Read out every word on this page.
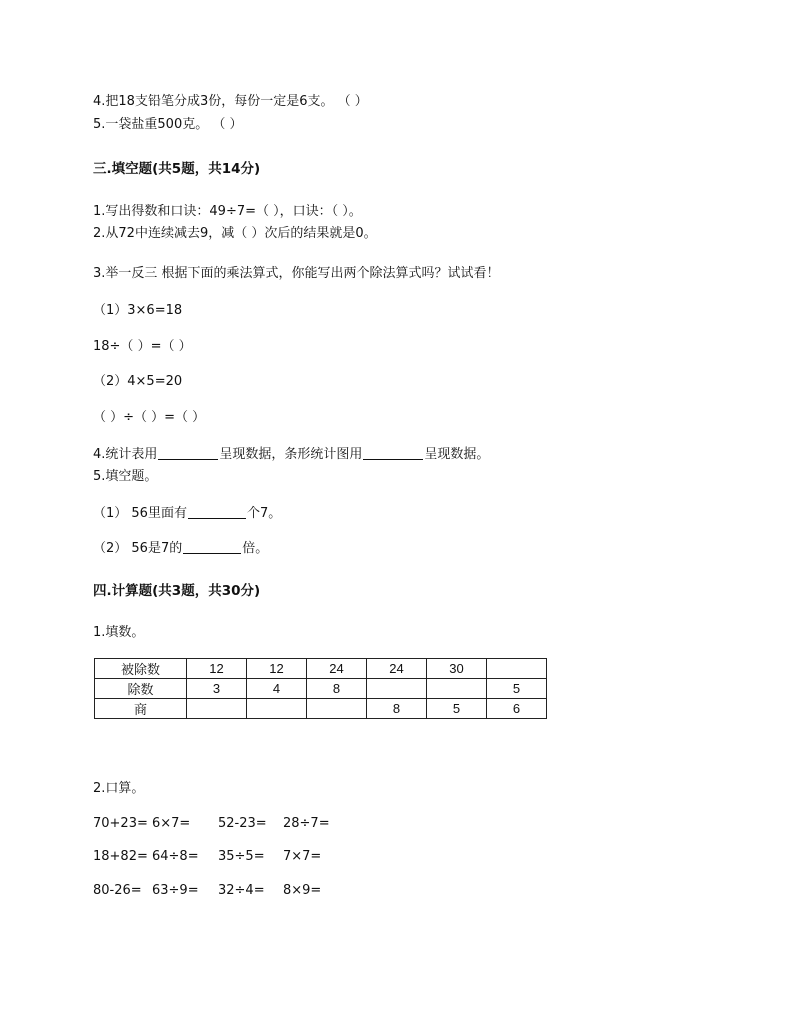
4.把18支铅笔分成3份，每份一定是6支。 （ ）
5.一袋盐重500克。 （ ）
三.填空题(共5题，共14分)
1.写出得数和口诀：49÷7=（ ），口诀：（ ）。
2.从72中连续减去9，减（ ）次后的结果就是0。
3.举一反三 根据下面的乘法算式，你能写出两个除法算式吗？试试看！
（1）3×6=18
18÷（ ）=（ ）
（2）4×5=20
（ ）÷（ ）=（ ）
4.统计表用	呈现数据，条形统计图用	呈现数据。
5.填空题。
（1） 56里面有	个7。
（2） 56是7的	倍。
四.计算题(共3题，共30分)
1.填数。
被除数	12	12	24	24	30	
除数	3	4	8			5
商				8	5	6
2.口算。
70+23= 6×7= 52-23= 28÷7=
18+82= 64÷8= 35÷5= 7×7=
80-26= 63÷9= 32÷4= 8×9=
